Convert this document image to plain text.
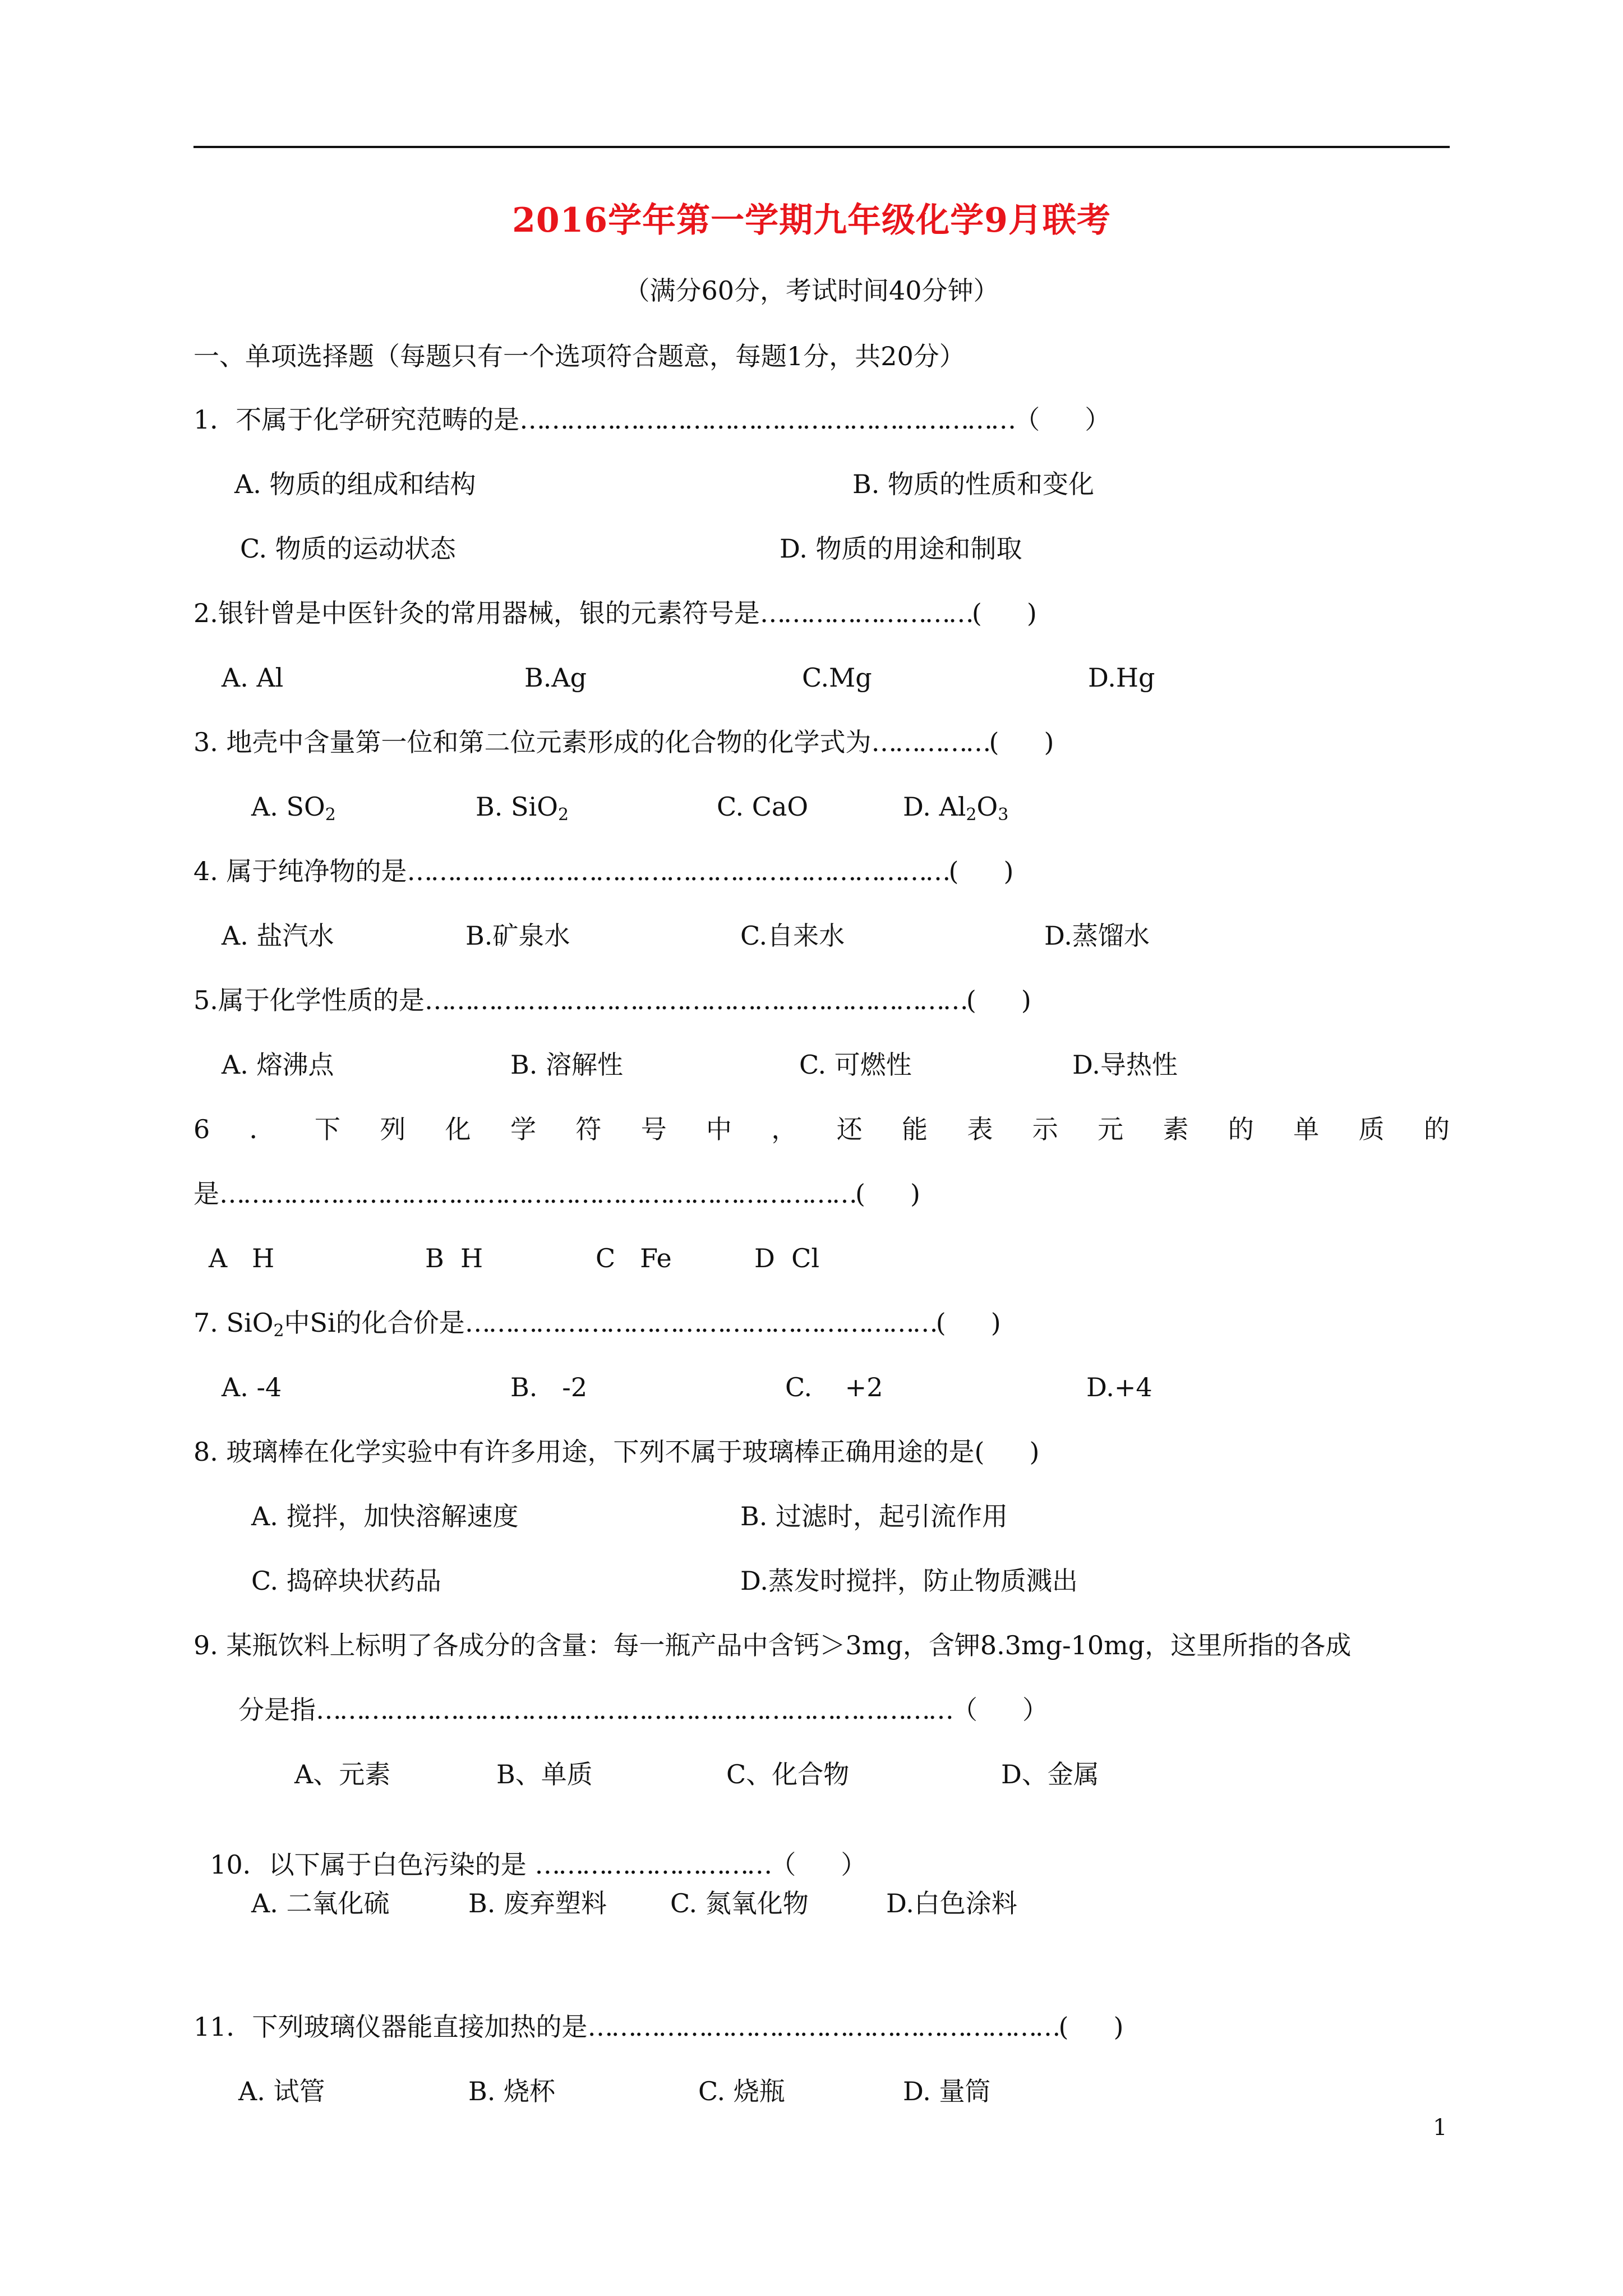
2016学年第一学期九年级化学9月联考
（满分60分，考试时间40分钟）
一、单项选择题（每题只有一个选项符合题意，每题1分，共20分）
1．不属于化学研究范畴的是………………………………………………………（ ）
A. 物质的组成和结构	B. 物质的性质和变化
C. 物质的运动状态	D. 物质的用途和制取
2.银针曾是中医针灸的常用器械，银的元素符号是………………………( )
A. Al	B.Ag	C.Mg	D.Hg
3. 地壳中含量第一位和第二位元素形成的化合物的化学式为……………( )
A. $SO_2$	B. SiO$_2$	C. CaO	D. $Al_2O_3$
4. 属于纯净物的是……………………………………………………………( )
A. 盐汽水	B.矿泉水	C.自来水	D.蒸馏水
5.属于化学性质的是……………………………………………………………( )
A. 熔沸点	B. 溶解性	C. 可燃性	D.导热性
6 ． 下 列 化 学 符 号 中 ， 还 能 表 示 元 素 的 单 质 的
是………………………………………………………………………( )
A   H	B  H	C   Fe	D  Cl
7. SiO$_2$中Si的化合价是……………………………………………………( )
A. -4	B.   -2	C.    +2	D.+4
8. 玻璃棒在化学实验中有许多用途，下列不属于玻璃棒正确用途的是( )
A. 搅拌，加快溶解速度	B. 过滤时，起引流作用
C. 捣碎块状药品	D.蒸发时搅拌，防止物质溅出
9. 某瓶饮料上标明了各成分的含量：每一瓶产品中含钙＞3mg，含钾8.3mg-10mg，这里所指的各成
分是指………………………………………………………………………（ ）
A、元素	B、单质	C、化合物	D、金属

10．以下属于白色污染的是 …………………………（ ）

A. 二氧化硫	B. 废弃塑料 C. 氮氧化物	D.白色涂料
11．下列玻璃仪器能直接加热的是……………………………………………………( )
A. 试管	B. 烧杯	C. 烧瓶	D. 量筒
1
